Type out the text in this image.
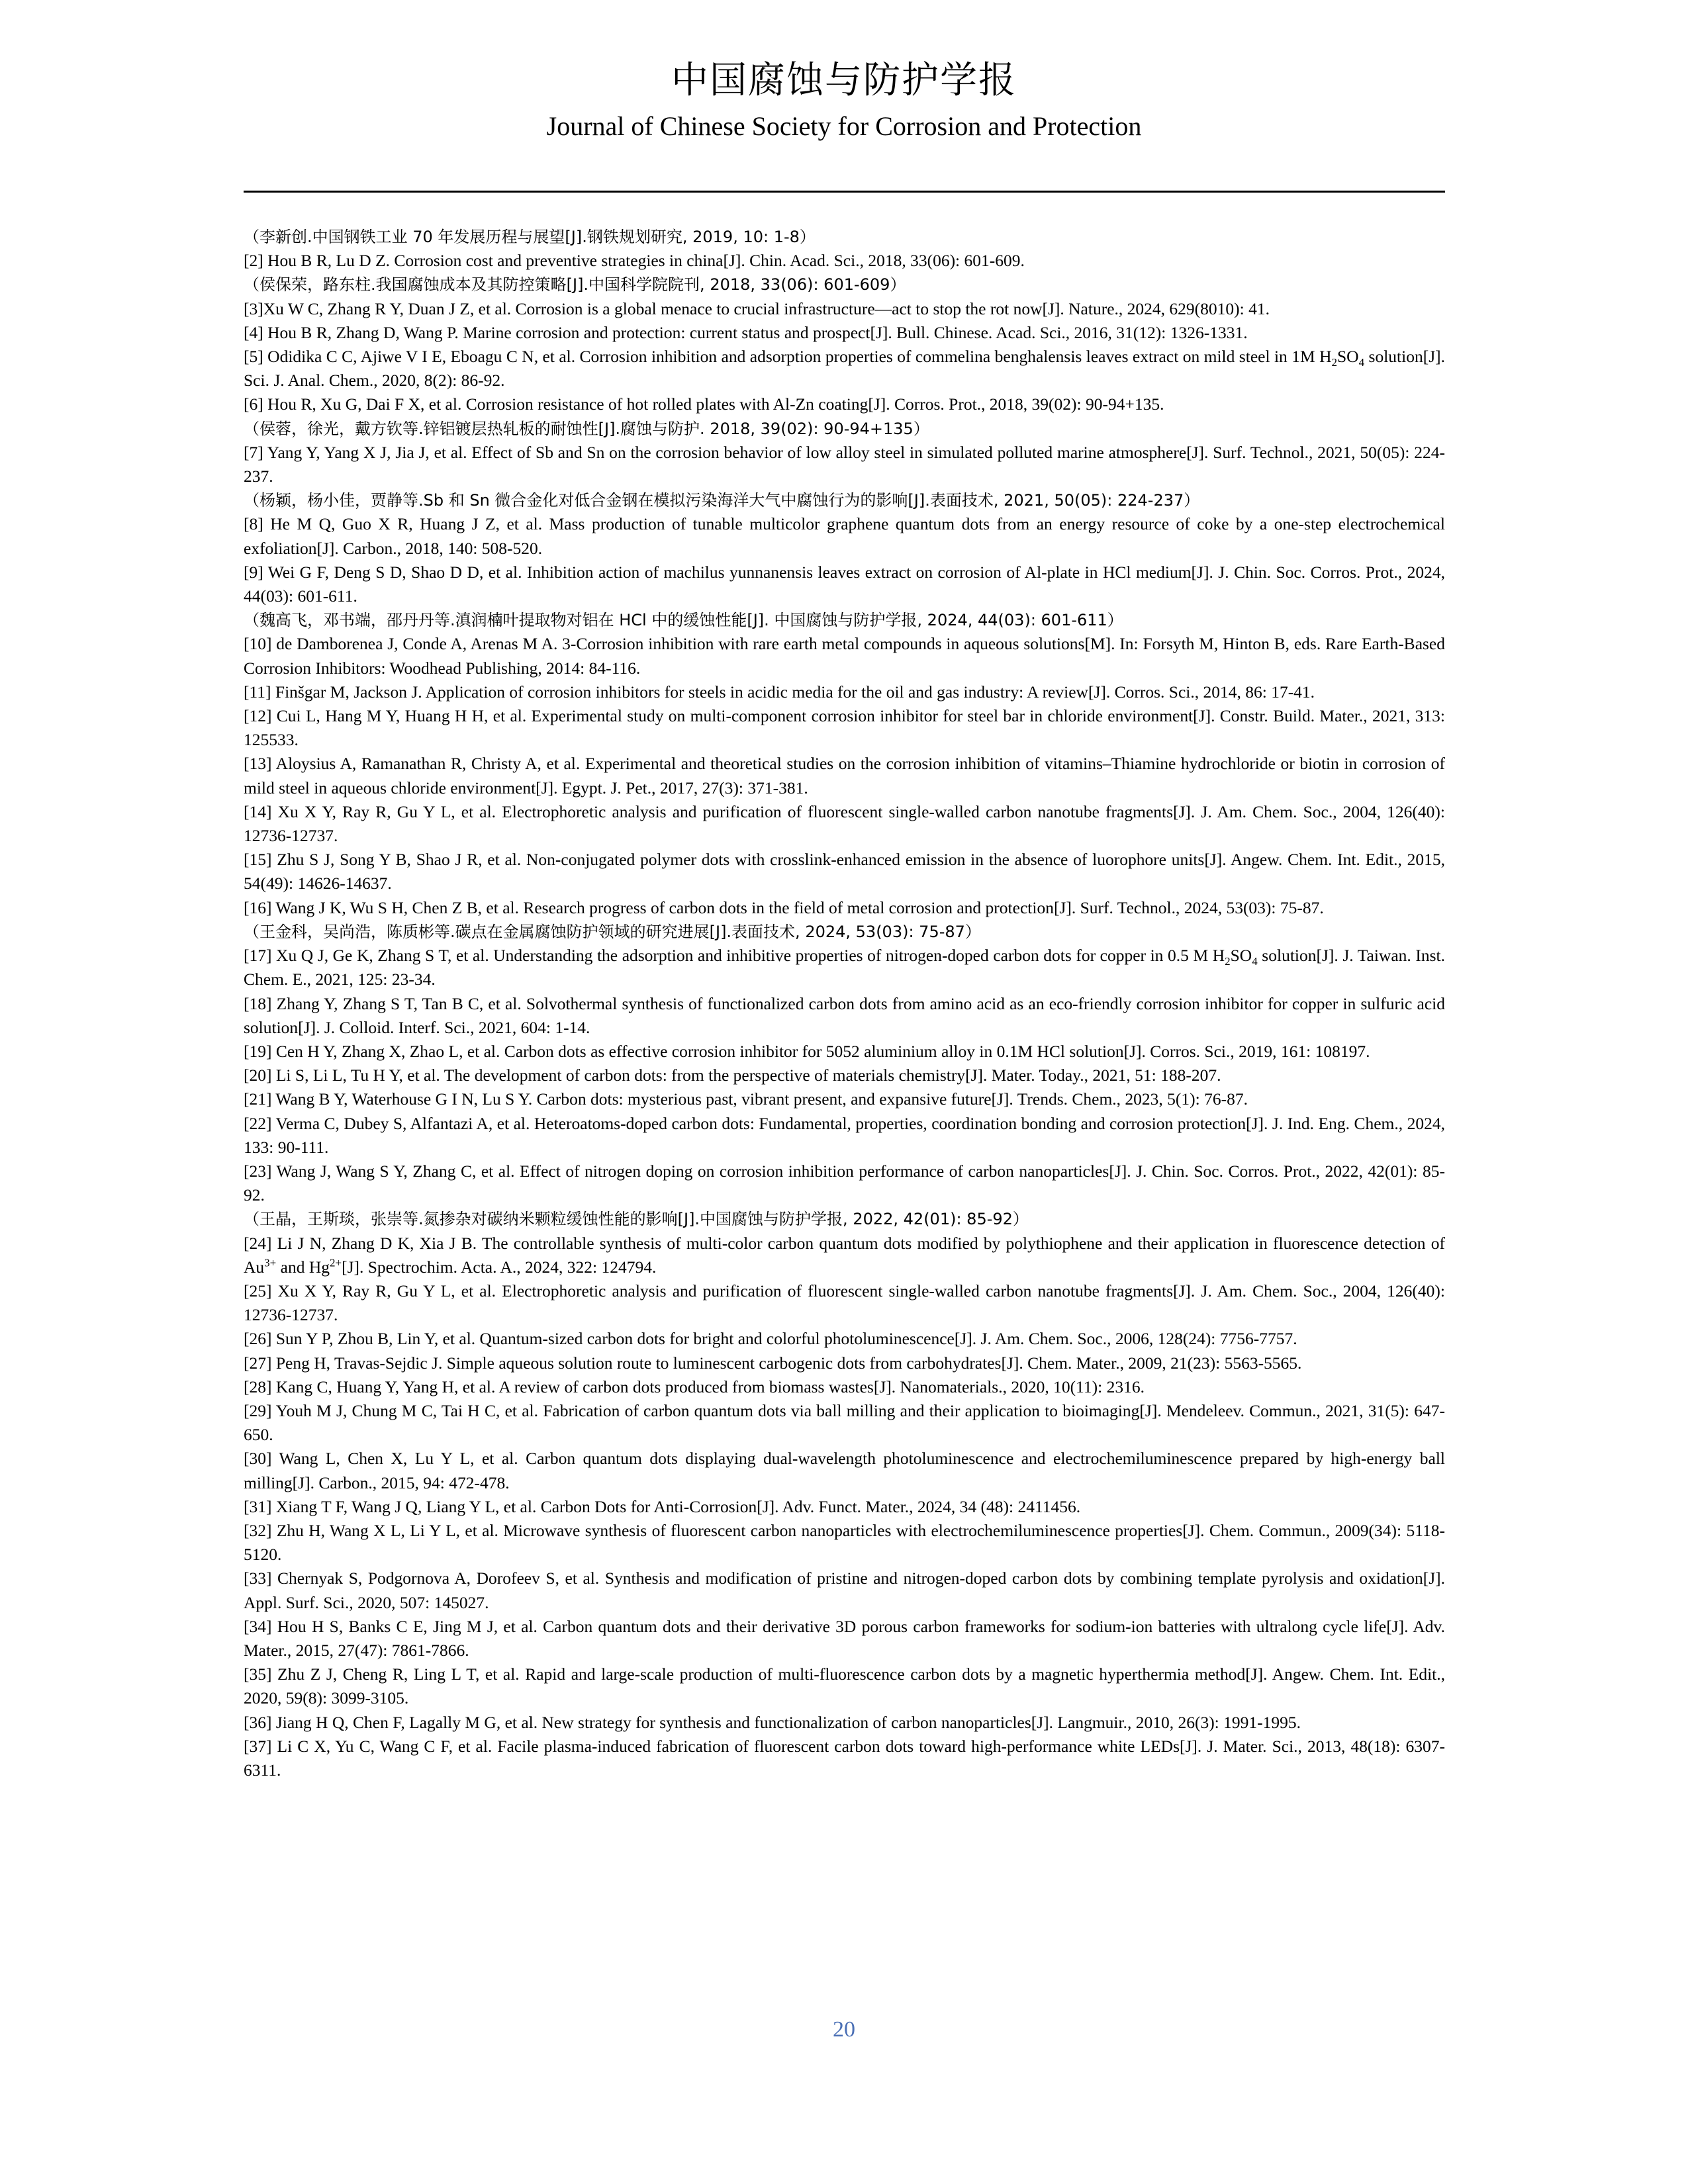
中国腐蚀与防护学报
Journal of Chinese Society for Corrosion and Protection
（李新创.中国钢铁工业 70 年发展历程与展望[J].钢铁规划研究, 2019, 10: 1-8）
[2] Hou B R, Lu D Z. Corrosion cost and preventive strategies in china[J]. Chin. Acad. Sci., 2018, 33(06): 601-609.
（侯保荣，路东柱.我国腐蚀成本及其防控策略[J].中国科学院院刊, 2018, 33(06): 601-609）
[3]Xu W C, Zhang R Y, Duan J Z, et al. Corrosion is a global menace to crucial infrastructure—act to stop the rot now[J]. Nature., 2024, 629(8010): 41.
[4] Hou B R, Zhang D, Wang P. Marine corrosion and protection: current status and prospect[J]. Bull. Chinese. Acad. Sci., 2016, 31(12): 1326-1331.
[5] Odidika C C, Ajiwe V I E, Eboagu C N, et al. Corrosion inhibition and adsorption properties of commelina benghalensis leaves extract on mild steel in 1M $H_2SO_4$ solution[J]. Sci. J. Anal. Chem., 2020, 8(2): 86-92.
[6] Hou R, Xu G, Dai F X, et al. Corrosion resistance of hot rolled plates with Al-Zn coating[J]. Corros. Prot., 2018, 39(02): 90-94+135.
（侯蓉，徐光，戴方钦等.锌铝镀层热轧板的耐蚀性[J].腐蚀与防护. 2018, 39(02): 90-94+135）
[7] Yang Y, Yang X J, Jia J, et al. Effect of Sb and Sn on the corrosion behavior of low alloy steel in simulated polluted marine atmosphere[J]. Surf. Technol., 2021, 50(05): 224-237.
（杨颖，杨小佳，贾静等.Sb 和 Sn 微合金化对低合金钢在模拟污染海洋大气中腐蚀行为的影响[J].表面技术, 2021, 50(05): 224-237）
[8] He M Q, Guo X R, Huang J Z, et al. Mass production of tunable multicolor graphene quantum dots from an energy resource of coke by a one-step electrochemical exfoliation[J]. Carbon., 2018, 140: 508-520.
[9] Wei G F, Deng S D, Shao D D, et al. Inhibition action of machilus yunnanensis leaves extract on corrosion of Al-plate in HCl medium[J]. J. Chin. Soc. Corros. Prot., 2024, 44(03): 601-611.
（魏高飞，邓书端，邵丹丹等.滇润楠叶提取物对铝在 HCl 中的缓蚀性能[J]. 中国腐蚀与防护学报, 2024, 44(03): 601-611）
[10] de Damborenea J, Conde A, Arenas M A. 3-Corrosion inhibition with rare earth metal compounds in aqueous solutions[M]. In: Forsyth M, Hinton B, eds. Rare Earth-Based Corrosion Inhibitors: Woodhead Publishing, 2014: 84-116.
[11] Finšgar M, Jackson J. Application of corrosion inhibitors for steels in acidic media for the oil and gas industry: A review[J]. Corros. Sci., 2014, 86: 17-41.
[12] Cui L, Hang M Y, Huang H H, et al. Experimental study on multi-component corrosion inhibitor for steel bar in chloride environment[J]. Constr. Build. Mater., 2021, 313: 125533.
[13] Aloysius A, Ramanathan R, Christy A, et al. Experimental and theoretical studies on the corrosion inhibition of vitamins–Thiamine hydrochloride or biotin in corrosion of mild steel in aqueous chloride environment[J]. Egypt. J. Pet., 2017, 27(3): 371-381.
[14] Xu X Y, Ray R, Gu Y L, et al. Electrophoretic analysis and purification of fluorescent single-walled carbon nanotube fragments[J]. J. Am. Chem. Soc., 2004, 126(40): 12736-12737.
[15] Zhu S J, Song Y B, Shao J R, et al. Non-conjugated polymer dots with crosslink-enhanced emission in the absence of luorophore units[J]. Angew. Chem. Int. Edit., 2015, 54(49): 14626-14637.
[16] Wang J K, Wu S H, Chen Z B, et al. Research progress of carbon dots in the field of metal corrosion and protection[J]. Surf. Technol., 2024, 53(03): 75-87.
（王金科，吴尚浩，陈质彬等.碳点在金属腐蚀防护领域的研究进展[J].表面技术, 2024, 53(03): 75-87）
[17] Xu Q J, Ge K, Zhang S T, et al. Understanding the adsorption and inhibitive properties of nitrogen-doped carbon dots for copper in 0.5 M $H_2SO_4$ solution[J]. J. Taiwan. Inst. Chem. E., 2021, 125: 23-34.
[18] Zhang Y, Zhang S T, Tan B C, et al. Solvothermal synthesis of functionalized carbon dots from amino acid as an eco-friendly corrosion inhibitor for copper in sulfuric acid solution[J]. J. Colloid. Interf. Sci., 2021, 604: 1-14.
[19] Cen H Y, Zhang X, Zhao L, et al. Carbon dots as effective corrosion inhibitor for 5052 aluminium alloy in 0.1M HCl solution[J]. Corros. Sci., 2019, 161: 108197.
[20] Li S, Li L, Tu H Y, et al. The development of carbon dots: from the perspective of materials chemistry[J]. Mater. Today., 2021, 51: 188-207.
[21] Wang B Y, Waterhouse G I N, Lu S Y. Carbon dots: mysterious past, vibrant present, and expansive future[J]. Trends. Chem., 2023, 5(1): 76-87.
[22] Verma C, Dubey S, Alfantazi A, et al. Heteroatoms-doped carbon dots: Fundamental, properties, coordination bonding and corrosion protection[J]. J. Ind. Eng. Chem., 2024, 133: 90-111.
[23] Wang J, Wang S Y, Zhang C, et al. Effect of nitrogen doping on corrosion inhibition performance of carbon nanoparticles[J]. J. Chin. Soc. Corros. Prot., 2022, 42(01): 85-92.
（王晶，王斯琰，张崇等.氮掺杂对碳纳米颗粒缓蚀性能的影响[J].中国腐蚀与防护学报, 2022, 42(01): 85-92）
[24] Li J N, Zhang D K, Xia J B. The controllable synthesis of multi-color carbon quantum dots modified by polythiophene and their application in fluorescence detection of $Au^{3+}$ and $Hg^{2+}[J]$. Spectrochim. Acta. A., 2024, 322: 124794.
[25] Xu X Y, Ray R, Gu Y L, et al. Electrophoretic analysis and purification of fluorescent single-walled carbon nanotube fragments[J]. J. Am. Chem. Soc., 2004, 126(40): 12736-12737.
[26] Sun Y P, Zhou B, Lin Y, et al. Quantum-sized carbon dots for bright and colorful photoluminescence[J]. J. Am. Chem. Soc., 2006, 128(24): 7756-7757.
[27] Peng H, Travas-Sejdic J. Simple aqueous solution route to luminescent carbogenic dots from carbohydrates[J]. Chem. Mater., 2009, 21(23): 5563-5565.
[28] Kang C, Huang Y, Yang H, et al. A review of carbon dots produced from biomass wastes[J]. Nanomaterials., 2020, 10(11): 2316.
[29] Youh M J, Chung M C, Tai H C, et al. Fabrication of carbon quantum dots via ball milling and their application to bioimaging[J]. Mendeleev. Commun., 2021, 31(5): 647-650.
[30] Wang L, Chen X, Lu Y L, et al. Carbon quantum dots displaying dual-wavelength photoluminescence and electrochemiluminescence prepared by high-energy ball milling[J]. Carbon., 2015, 94: 472-478.
[31] Xiang T F, Wang J Q, Liang Y L, et al. Carbon Dots for Anti-Corrosion[J]. Adv. Funct. Mater., 2024, 34 (48): 2411456.
[32] Zhu H, Wang X L, Li Y L, et al. Microwave synthesis of fluorescent carbon nanoparticles with electrochemiluminescence properties[J]. Chem. Commun., 2009(34): 5118-5120.
[33] Chernyak S, Podgornova A, Dorofeev S, et al. Synthesis and modification of pristine and nitrogen-doped carbon dots by combining template pyrolysis and oxidation[J]. Appl. Surf. Sci., 2020, 507: 145027.
[34] Hou H S, Banks C E, Jing M J, et al. Carbon quantum dots and their derivative 3D porous carbon frameworks for sodium-ion batteries with ultralong cycle life[J]. Adv. Mater., 2015, 27(47): 7861-7866.
[35] Zhu Z J, Cheng R, Ling L T, et al. Rapid and large-scale production of multi-fluorescence carbon dots by a magnetic hyperthermia method[J]. Angew. Chem. Int. Edit., 2020, 59(8): 3099-3105.
[36] Jiang H Q, Chen F, Lagally M G, et al. New strategy for synthesis and functionalization of carbon nanoparticles[J]. Langmuir., 2010, 26(3): 1991-1995.
[37] Li C X, Yu C, Wang C F, et al. Facile plasma-induced fabrication of fluorescent carbon dots toward high-performance white LEDs[J]. J. Mater. Sci., 2013, 48(18): 6307-6311.
20
